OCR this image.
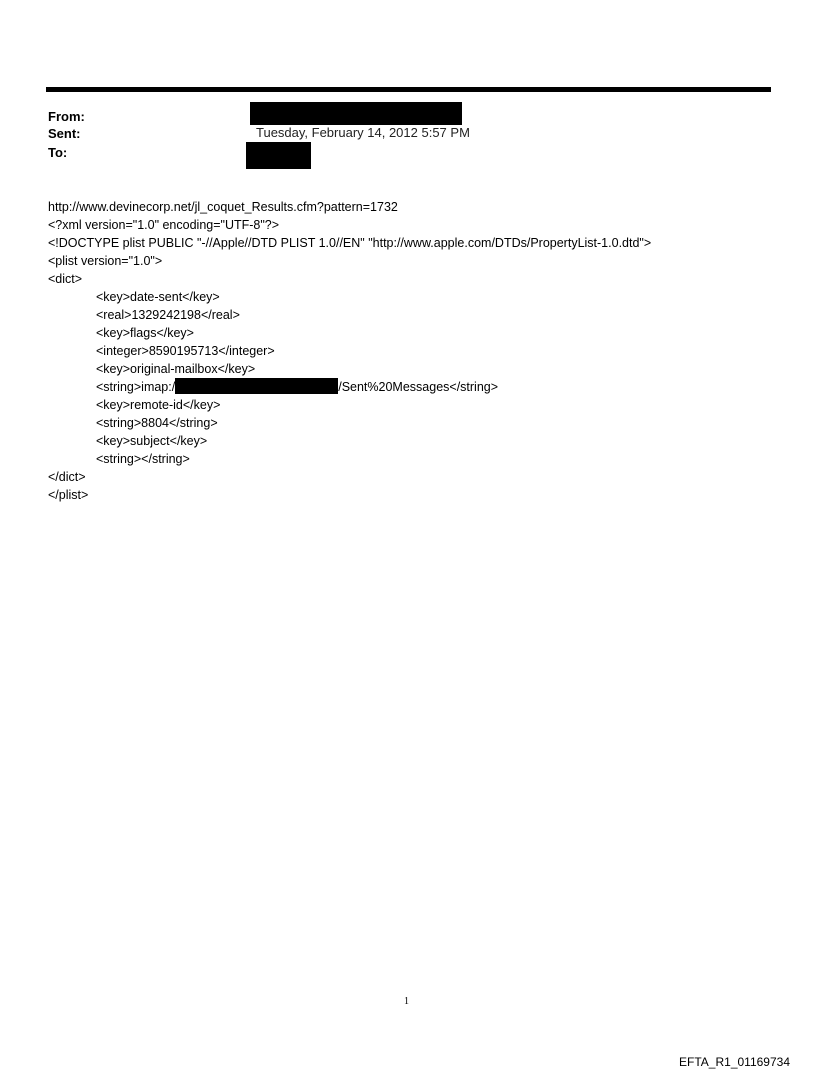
From:
Sent:
To:
Tuesday, February 14, 2012 5:57 PM
http://www.devinecorp.net/jl_coquet_Results.cfm?pattern=1732
<?xml version="1.0" encoding="UTF-8"?>
<!DOCTYPE plist PUBLIC "-//Apple//DTD PLIST 1.0//EN" "http://www.apple.com/DTDs/PropertyList-1.0.dtd">
<plist version="1.0">
<dict>
<key>date-sent</key>
<real>1329242198</real>
<key>flags</key>
<integer>8590195713</integer>
<key>original-mailbox</key>
<string>imap:/	/Sent%20Messages</string>
<key>remote-id</key>
<string>8804</string>
<key>subject</key>
<string></string>
</dict>
</plist>
1
EFTA_R1_01169734
